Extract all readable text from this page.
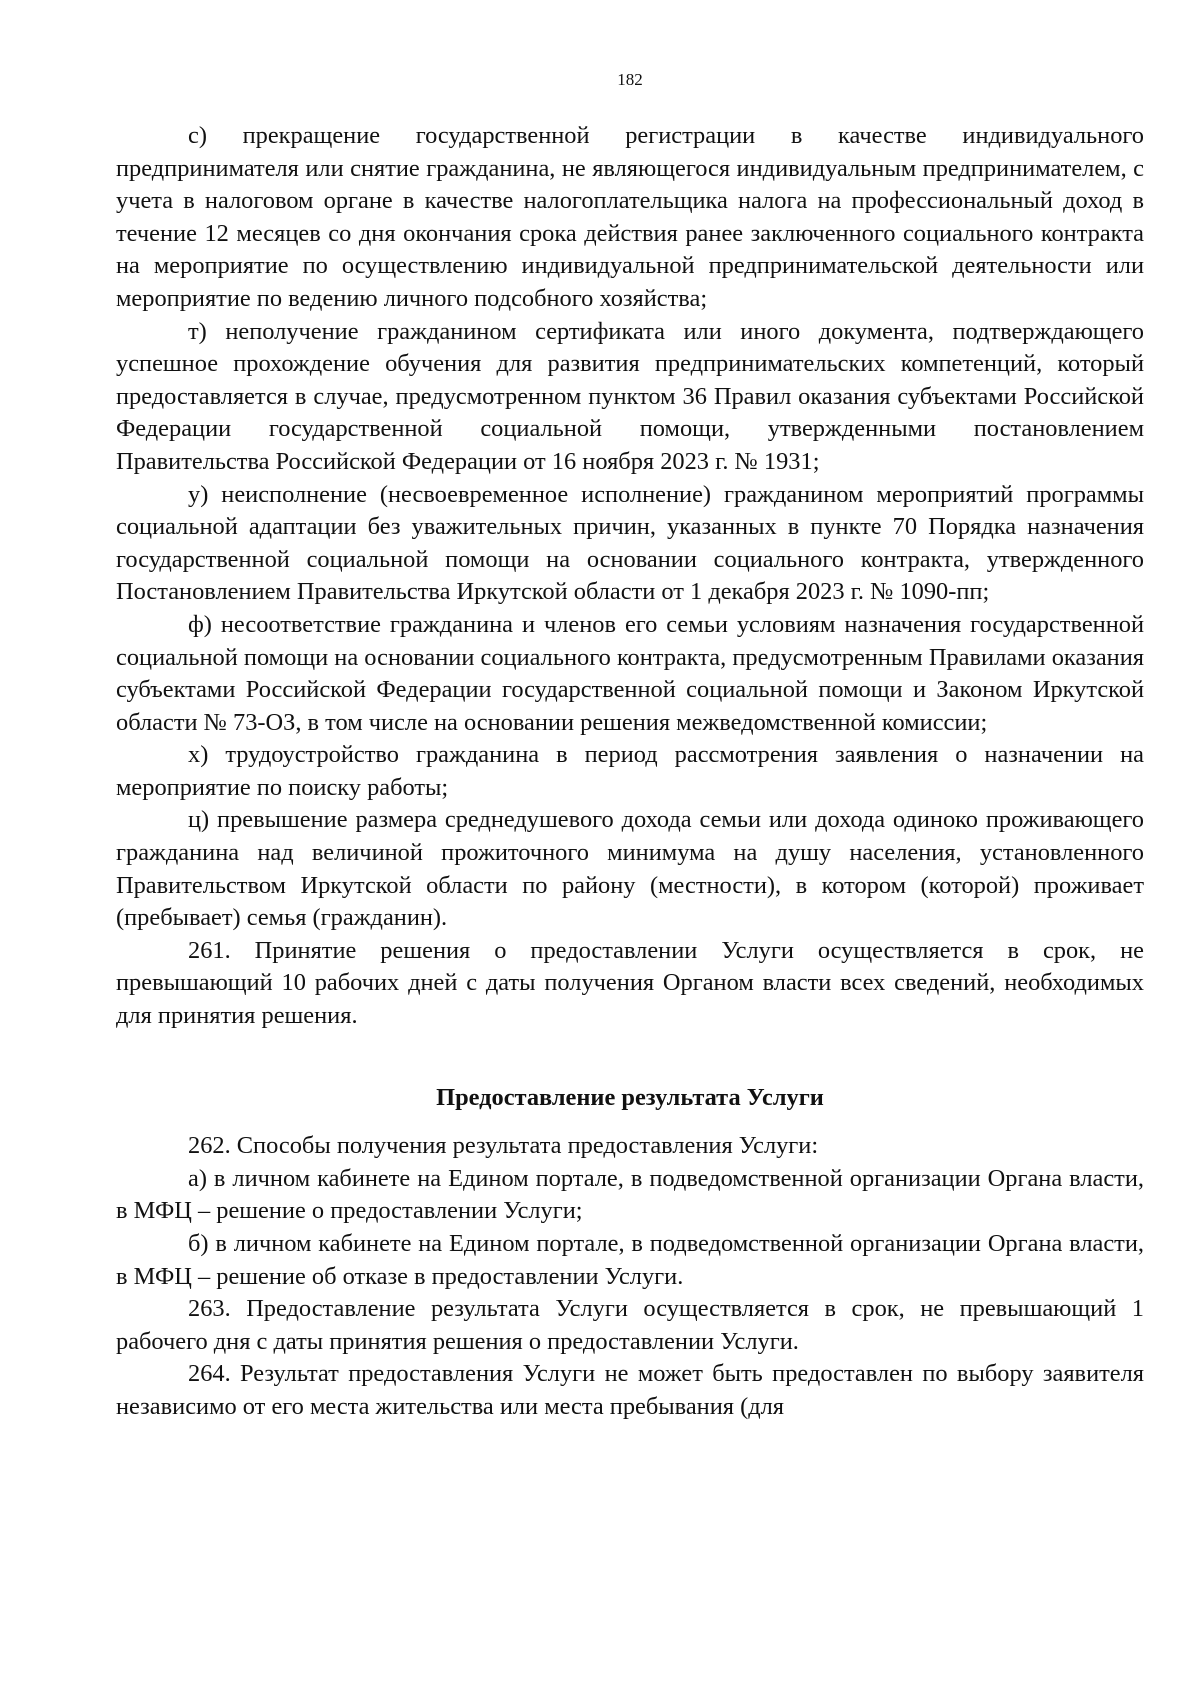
182

с) прекращение государственной регистрации в качестве индивидуального предпринимателя или снятие гражданина, не являющегося индивидуальным предпринимателем, с учета в налоговом органе в качестве налогоплательщика налога на профессиональный доход в течение 12 месяцев со дня окончания срока действия ранее заключенного социального контракта на мероприятие по осуществлению индивидуальной предпринимательской деятельности или мероприятие по ведению личного подсобного хозяйства;

т) неполучение гражданином сертификата или иного документа, подтверждающего успешное прохождение обучения для развития предпринимательских компетенций, который предоставляется в случае, предусмотренном пунктом 36 Правил оказания субъектами Российской Федерации государственной социальной помощи, утвержденными постановлением Правительства Российской Федерации от 16 ноября 2023 г. № 1931;

у) неисполнение (несвоевременное исполнение) гражданином мероприятий программы социальной адаптации без уважительных причин, указанных в пункте 70 Порядка назначения государственной социальной помощи на основании социального контракта, утвержденного Постановлением Правительства Иркутской области от 1 декабря 2023 г. № 1090-пп;

ф) несоответствие гражданина и членов его семьи условиям назначения государственной социальной помощи на основании социального контракта, предусмотренным Правилами оказания субъектами Российской Федерации государственной социальной помощи и Законом Иркутской области № 73-ОЗ, в том числе на основании решения межведомственной комиссии;

х) трудоустройство гражданина в период рассмотрения заявления о назначении на мероприятие по поиску работы;

ц) превышение размера среднедушевого дохода семьи или дохода одиноко проживающего гражданина над величиной прожиточного минимума на душу населения, установленного Правительством Иркутской области по району (местности), в котором (которой) проживает (пребывает) семья (гражданин).

261. Принятие решения о предоставлении Услуги осуществляется в срок, не превышающий 10 рабочих дней с даты получения Органом власти всех сведений, необходимых для принятия решения.

Предоставление результата Услуги

262. Способы получения результата предоставления Услуги:

а) в личном кабинете на Едином портале, в подведомственной организации Органа власти, в МФЦ – решение о предоставлении Услуги;

б) в личном кабинете на Едином портале, в подведомственной организации Органа власти, в МФЦ – решение об отказе в предоставлении Услуги.

263. Предоставление результата Услуги осуществляется в срок, не превышающий 1 рабочего дня с даты принятия решения о предоставлении Услуги.

264. Результат предоставления Услуги не может быть предоставлен по выбору заявителя независимо от его места жительства или места пребывания (для
